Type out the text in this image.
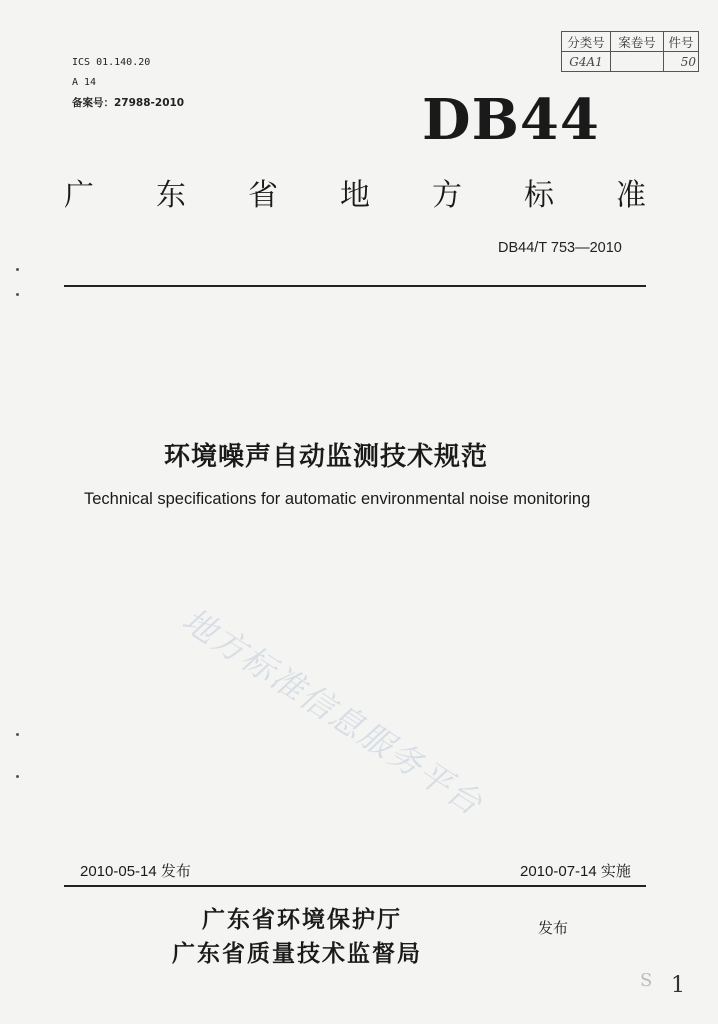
ICS 01.140.20
A 14
备案号：27988-2010
分类号	案卷号	件号
G4A1		50
DB44
广 东 省 地 方 标 准
DB44/T 753—2010
环境噪声自动监测技术规范
Technical specifications for automatic environmental noise monitoring
地方标准信息服务平台
2010-05-14 发布	2010-07-14 实施
广东省环境保护厅
广东省质量技术监督局
发布
S 1
